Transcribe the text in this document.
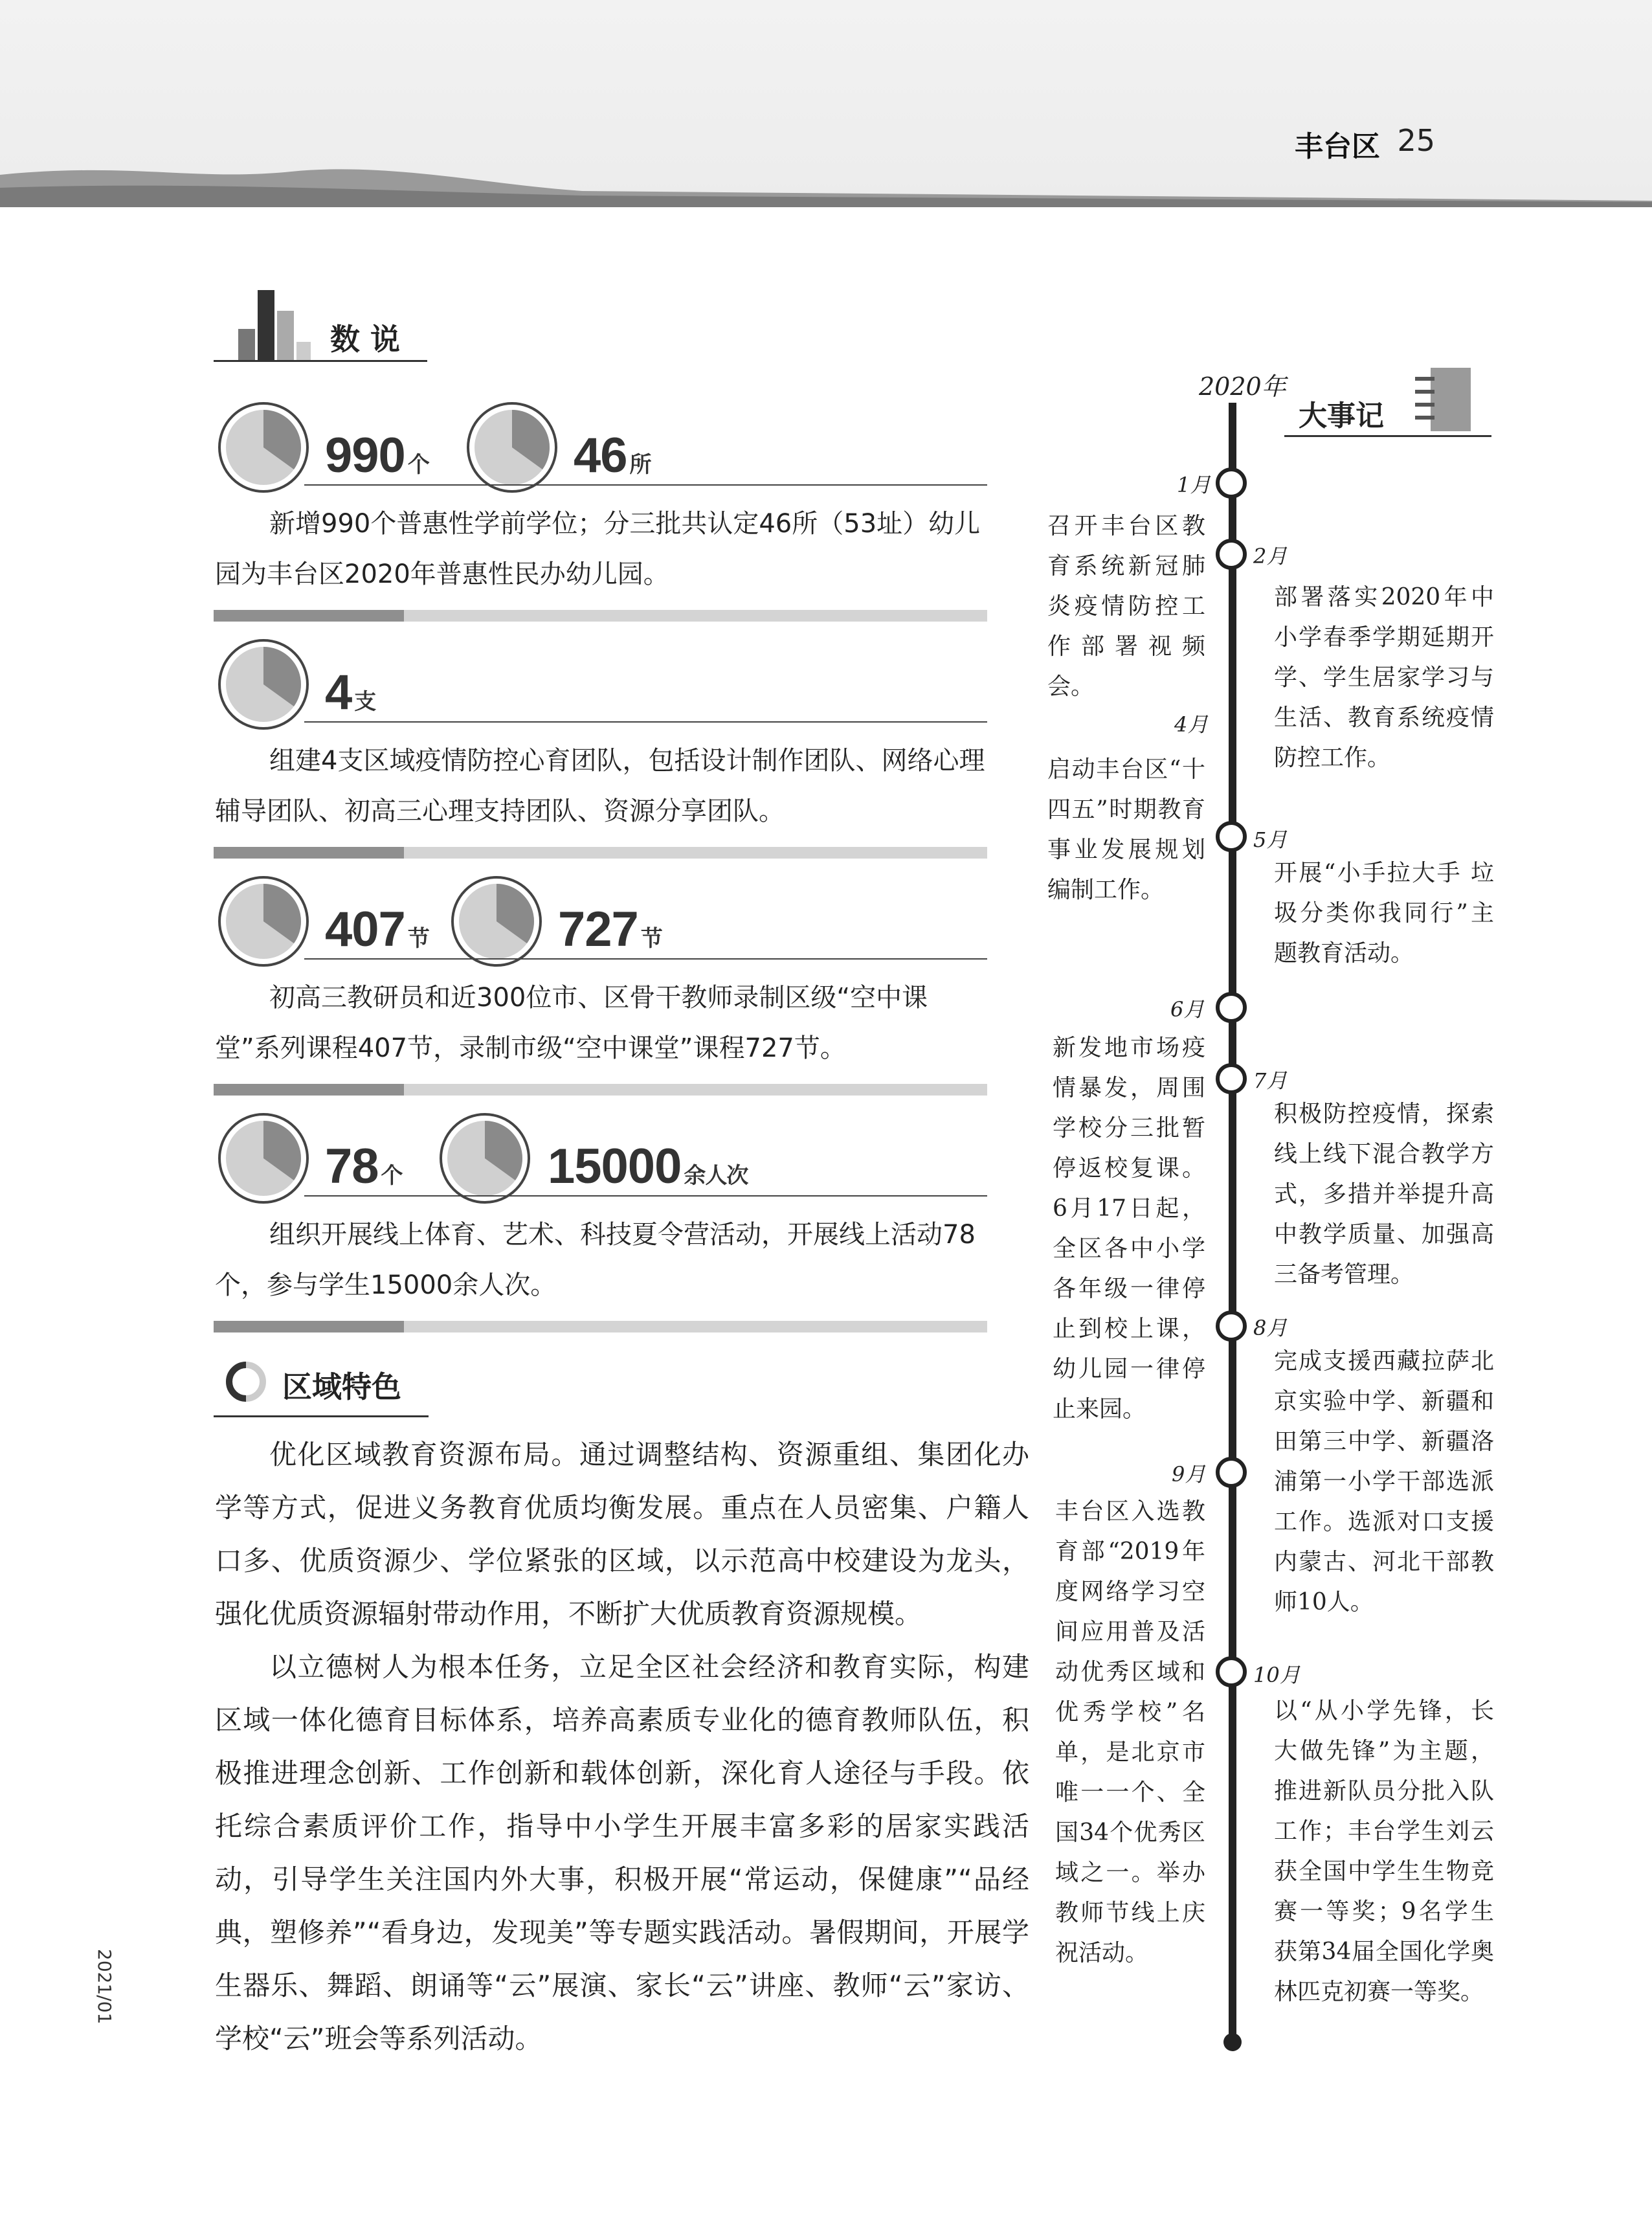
丰台区 25
数 说
990 个	46 所
新增990个普惠性学前学位；分三批共认定46所（53址）幼儿园为丰台区2020年普惠性民办幼儿园。
4 支
组建4支区域疫情防控心育团队，包括设计制作团队、网络心理辅导团队、初高三心理支持团队、资源分享团队。
407 节	727 节
初高三教研员和近300位市、区骨干教师录制区级“空中课堂”系列课程407节，录制市级“空中课堂”课程727节。
78 个	15000 余人次
组织开展线上体育、艺术、科技夏令营活动，开展线上活动78个，参与学生15000余人次。
区域特色
优化区域教育资源布局。通过调整结构、资源重组、集团化办学等方式，促进义务教育优质均衡发展。重点在人员密集、户籍人口多、优质资源少、学位紧张的区域，以示范高中校建设为龙头，强化优质资源辐射带动作用，不断扩大优质教育资源规模。
以立德树人为根本任务，立足全区社会经济和教育实际，构建区域一体化德育目标体系，培养高素质专业化的德育教师队伍，积极推进理念创新、工作创新和载体创新，深化育人途径与手段。依托综合素质评价工作，指导中小学生开展丰富多彩的居家实践活动，引导学生关注国内外大事，积极开展“常运动，保健康”“品经典，塑修养”“看身边，发现美”等专题实践活动。暑假期间，开展学生器乐、舞蹈、朗诵等“云”展演、家长“云”讲座、教师“云”家访、学校“云”班会等系列活动。
2020年
大事记
1月
召开丰台区教育系统新冠肺炎疫情防控工作部署视频会。
2月
部署落实2020年中小学春季学期延期开学、学生居家学习与生活、教育系统疫情防控工作。
4月
启动丰台区“十四五”时期教育事业发展规划编制工作。
5月
开展“小手拉大手 垃圾分类你我同行”主题教育活动。
6月
新发地市场疫情暴发，周围学校分三批暂停返校复课。6月17日起，全区各中小学各年级一律停止到校上课，幼儿园一律停止来园。
7月
积极防控疫情，探索线上线下混合教学方式，多措并举提升高中教学质量、加强高三备考管理。
8月
完成支援西藏拉萨北京实验中学、新疆和田第三中学、新疆洛浦第一小学干部选派工作。选派对口支援内蒙古、河北干部教师10人。
9月
丰台区入选教育部“2019年度网络学习空间应用普及活动优秀区域和优秀学校”名单，是北京市唯一一个、全国34个优秀区域之一。举办教师节线上庆祝活动。
10月
以“从小学先锋，长大做先锋”为主题，推进新队员分批入队工作；丰台学生刘云获全国中学生生物竞赛一等奖；9名学生获第34届全国化学奥林匹克初赛一等奖。
2021/01
